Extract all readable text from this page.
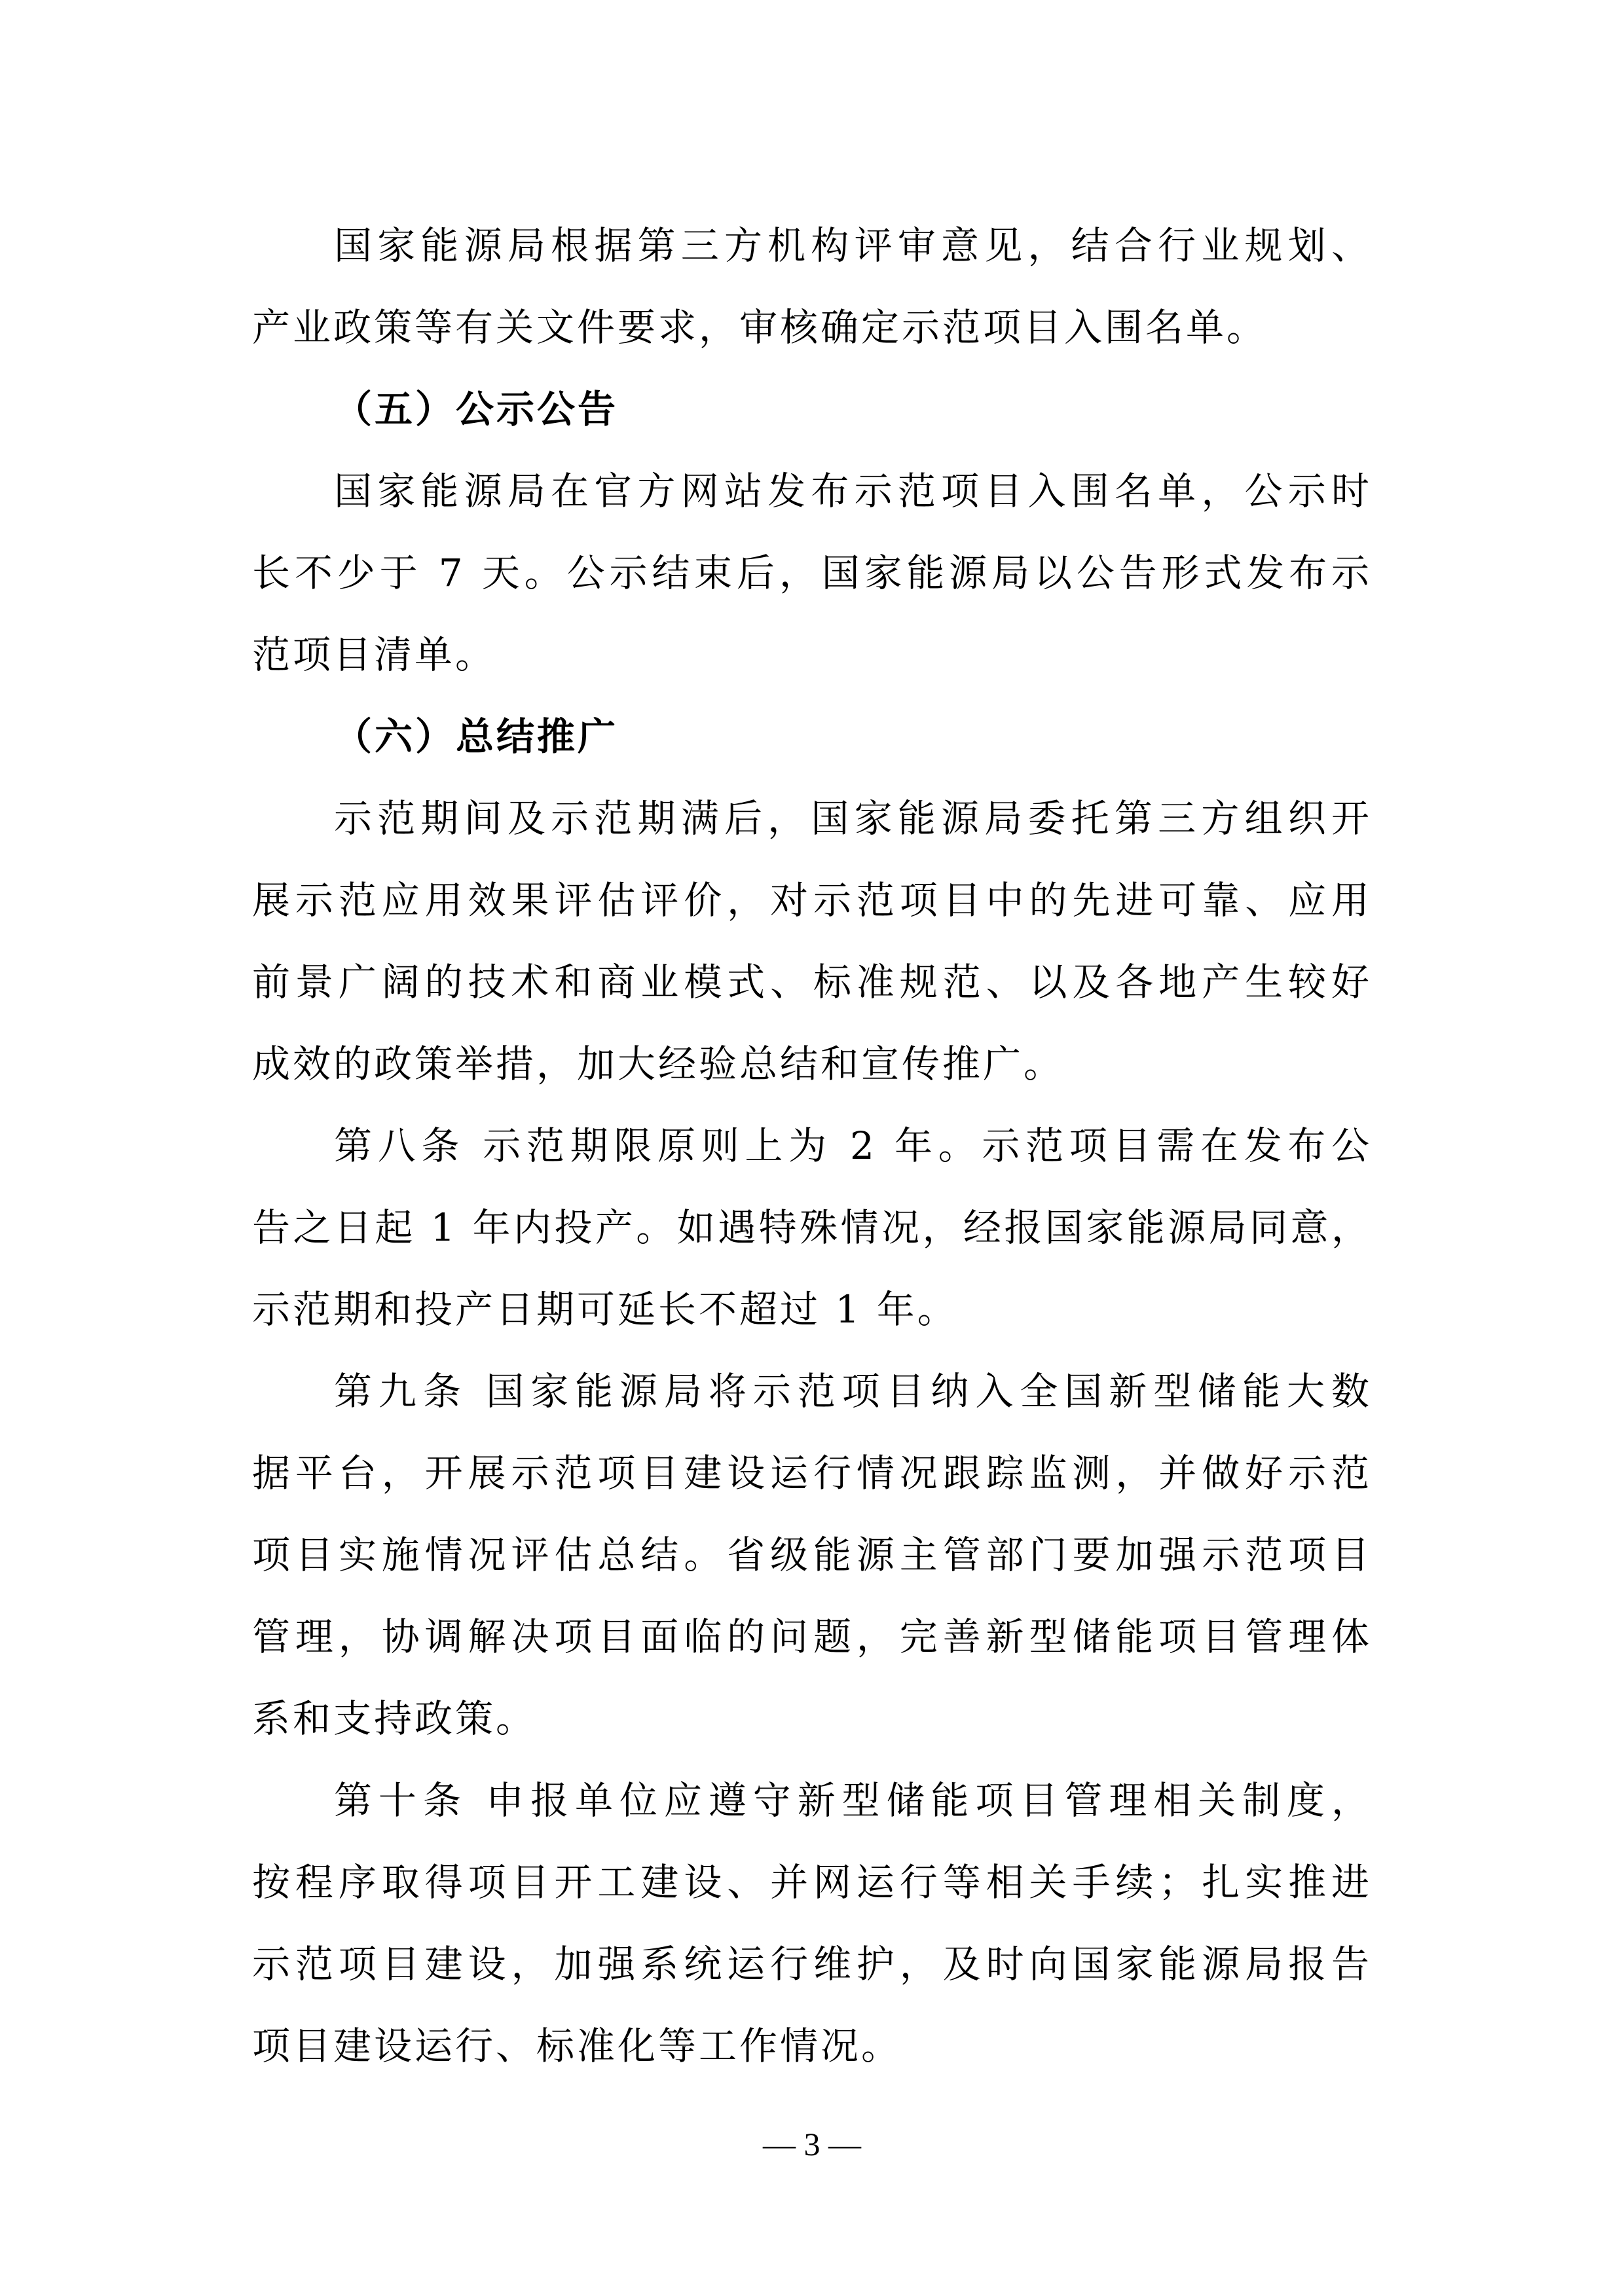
国家能源局根据第三方机构评审意见，结合行业规划、
产业政策等有关文件要求，审核确定示范项目入围名单。
（五）公示公告
国家能源局在官方网站发布示范项目入围名单，公示时
长不少于 7 天。公示结束后，国家能源局以公告形式发布示
范项目清单。
（六）总结推广
示范期间及示范期满后，国家能源局委托第三方组织开
展示范应用效果评估评价，对示范项目中的先进可靠、应用
前景广阔的技术和商业模式、标准规范、以及各地产生较好
成效的政策举措，加大经验总结和宣传推广。
第八条 示范期限原则上为 2 年。示范项目需在发布公
告之日起 1 年内投产。如遇特殊情况，经报国家能源局同意，
示范期和投产日期可延长不超过 1 年。
第九条 国家能源局将示范项目纳入全国新型储能大数
据平台，开展示范项目建设运行情况跟踪监测，并做好示范
项目实施情况评估总结。省级能源主管部门要加强示范项目
管理，协调解决项目面临的问题，完善新型储能项目管理体
系和支持政策。
第十条 申报单位应遵守新型储能项目管理相关制度，
按程序取得项目开工建设、并网运行等相关手续；扎实推进
示范项目建设，加强系统运行维护，及时向国家能源局报告
项目建设运行、标准化等工作情况。
— 3 —
